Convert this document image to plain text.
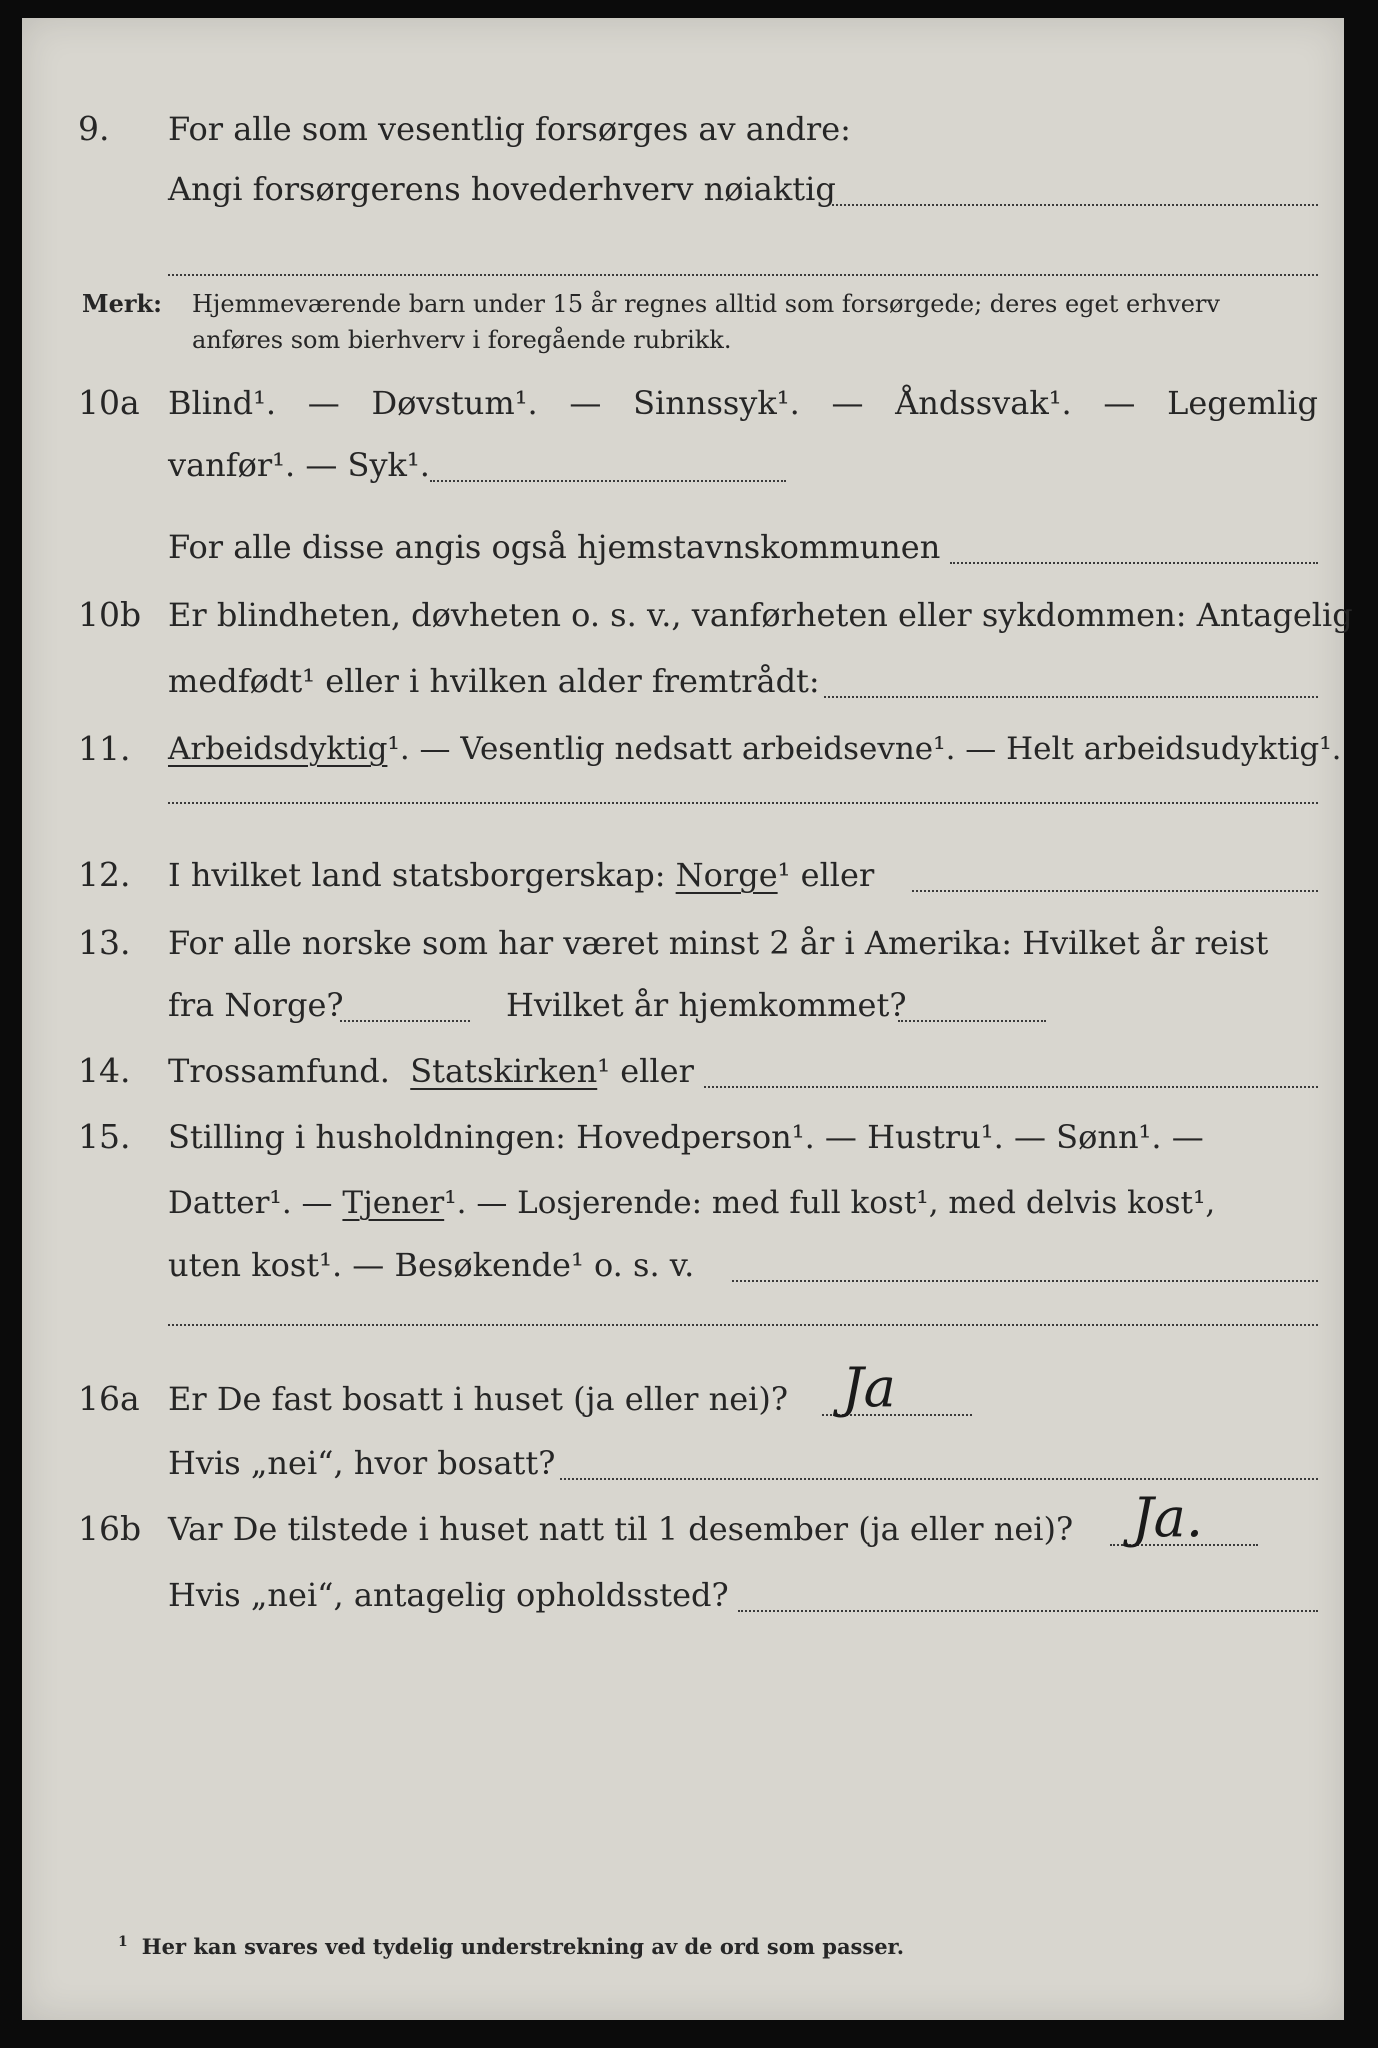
9. For alle som vesentlig forsørges av andre:
Angi forsørgerens hovederhverv nøiaktig
Merk: Hjemmeværende barn under 15 år regnes alltid som forsørgede; deres eget erhverv
anføres som bierhverv i foregående rubrikk.
10a Blind¹. — Døvstum¹. — Sinnssyk¹. — Åndssvak¹. — Legemlig
vanfør¹. — Syk¹.
For alle disse angis også hjemstavnskommunen
10b Er blindheten, døvheten o. s. v., vanførheten eller sykdommen: Antagelig
medfødt¹ eller i hvilken alder fremtrådt:
11. Arbeidsdyktig¹. — Vesentlig nedsatt arbeidsevne¹. — Helt arbeidsudyktig¹.
12. I hvilket land statsborgerskap: Norge¹ eller
13. For alle norske som har været minst 2 år i Amerika: Hvilket år reist
fra Norge?	Hvilket år hjemkommet?
14. Trossamfund. Statskirken¹ eller
15. Stilling i husholdningen: Hovedperson¹. — Hustru¹. — Sønn¹. —
Datter¹. — Tjener¹. — Losjerende: med full kost¹, med delvis kost¹,
uten kost¹. — Besøkende¹ o. s. v.
16a Er De fast bosatt i huset (ja eller nei)? Ja
Hvis „nei“, hvor bosatt?
16b Var De tilstede i huset natt til 1 desember (ja eller nei)? Ja.
Hvis „nei“, antagelig opholdssted?
$^1$ Her kan svares ved tydelig understrekning av de ord som passer.
